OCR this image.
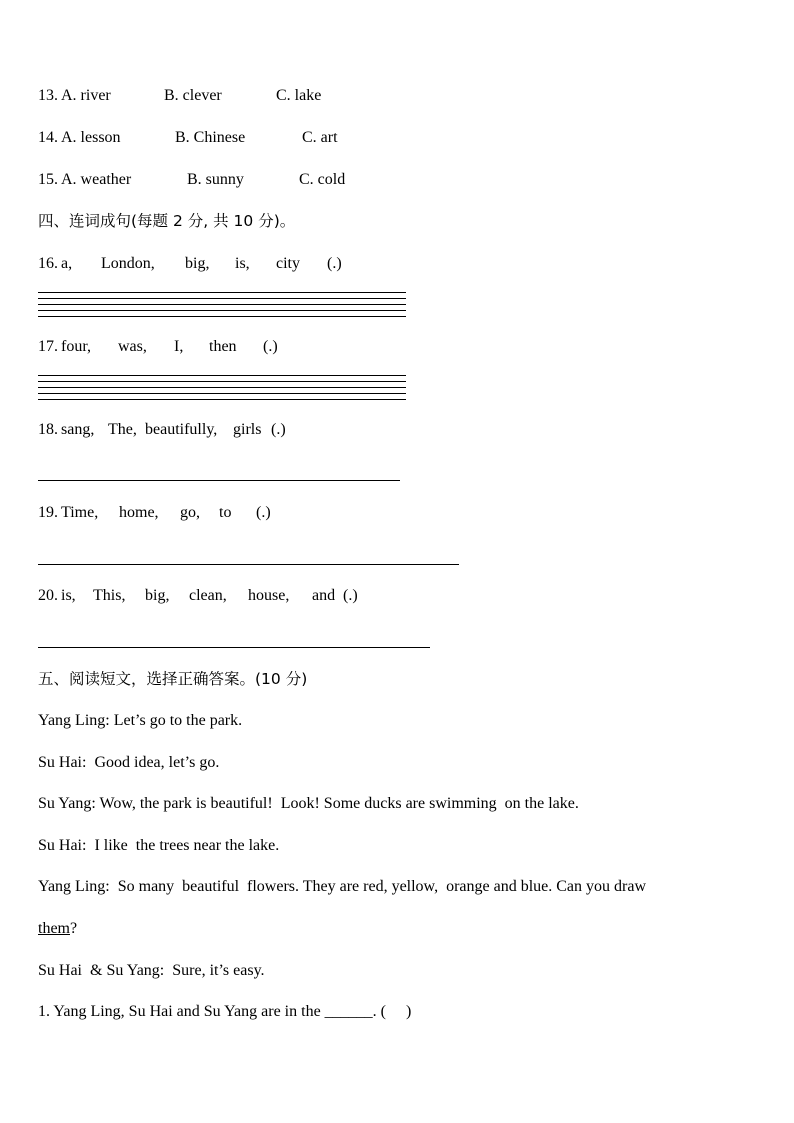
13.

A. river

	B. clever

	C. lake

14.

A. lesson

	B. Chinese

	C. art

15.

A. weather

	B. sunny

	C. cold

四、连词成句(每题 2 分, 共 10 分)。

16.

a,

London,

big,

is,

city

(.)

17.

four,

was,

I,

then

(.)

18.

sang,

The,

beautifully,

girls

(.)

19.

Time,

home,

go,

to

(.)

20.

is,

This,

big,

clean,

house,

and

(.)

五、阅读短文，选择正确答案。(10 分)
Yang Ling: Let’s go to the park.
Su Hai:  Good idea, let’s go.
Su Yang: Wow, the park is beautiful!  Look! Some ducks are swimming  on the lake.
Su Hai:  I like  the trees near the lake.
Yang Ling:  So many  beautiful  flowers. They are red, yellow,  orange and blue. Can you draw
them?
Su Hai  & Su Yang:  Sure, it’s easy.
1. Yang Ling, Su Hai and Su Yang are in the ______. (     )
